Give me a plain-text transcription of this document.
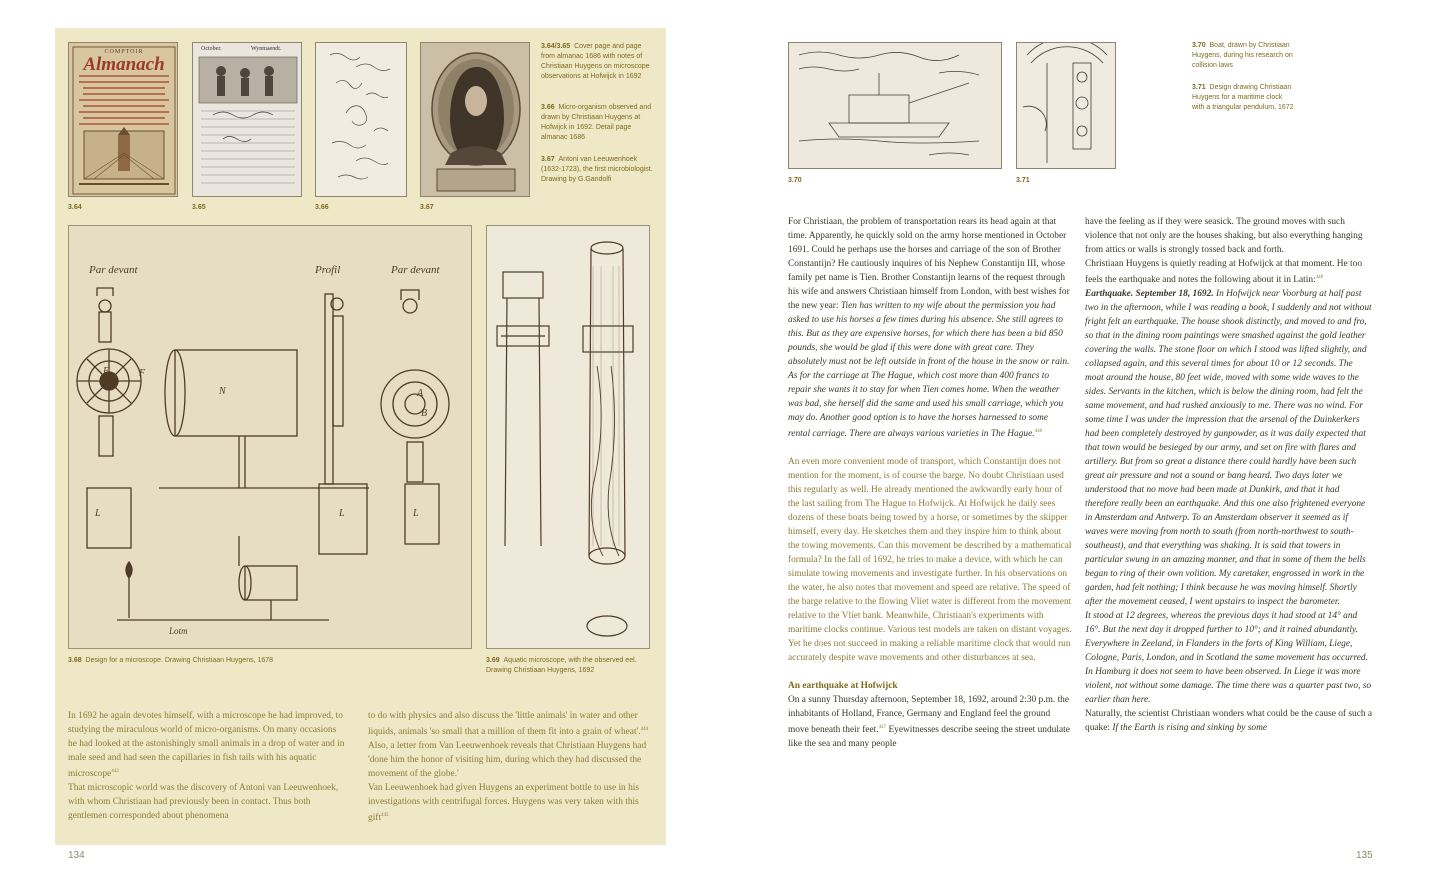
COMPTOIR
Almanach
3.64
October.	Wynmaendt.
3.65	3.66	3.67
3.64/3.65 Cover page and page from almanac 1686 with notes of Christiaan Huygens on microscope observations at Hofwijck in 1692
3.66 Micro-organism observed and drawn by Christiaan Huygens at Hofwijck in 1692. Detail page almanac 1686
3.67 Antoni van Leeuwenhoek (1632-1723), the first microbiologist. Drawing by G.Gandolfi
N
E	F
L	L	L
A
B
Par devant	Profil	Par devant
Lotm
3.68 Design for a microscope. Drawing Christiaan Huygens, 1678	3.69 Aquatic microscope, with the observed eel. Drawing Christiaan Huygens, 1692

In 1692 he again devotes himself, with a microscope he had improved, to studying the miraculous world of micro-organisms. On many occasions he had looked at the astonishingly small animals in a drop of water and in male seed and had seen the capillaries in fish tails with his aquatic microscope$^{443}$

That microscopic world was the discovery of Antoni van Leeuwenhoek, with whom Christiaan had previously been in contact. Thus both gentlemen corresponded about phenomena

to do with physics and also discuss the 'little animals' in water and other liquids, animals 'so small that a million of them fit into a grain of wheat'.$^{444}$

Also, a letter from Van Leeuwenhoek reveals that Christiaan Huygens had 'done him the honor of visiting him, during which they had discussed the movement of the globe.'

Van Leeuwenhoek had given Huygens an experiment bottle to use in his investigations with centrifugal forces. Huygens was very taken with this gift$^{445}$

134
3.70	3.71
3.70 Boat, drawn by Christiaan Huygens, during his research on collision laws
3.71 Design drawing Christiaan Huygens for a maritime clock with a triangular pendulum, 1672

For Christiaan, the problem of transportation rears its head again at that time. Apparently, he quickly sold on the army horse mentioned in October 1691. Could he perhaps use the horses and carriage of the son of Brother Constantijn? He cautiously inquires of his Nephew Constantijn III, whose family pet name is Tien. Brother Constantijn learns of the request through his wife and answers Christiaan himself from London, with best wishes for the new year: Tien has written to my wife about the permission you had asked to use his horses a few times during his absence. She still agrees to this. But as they are expensive horses, for which there has been a bid 850 pounds, she would be glad if this were done with great care. They absolutely must not be left outside in front of the house in the snow or rain. As for the carriage at The Hague, which cost more than 400 francs to repair she wants it to stay for when Tien comes home. When the weather was bad, she herself did the same and used his small carriage, which you may do. Another good option is to have the horses harnessed to some rental carriage. There are always various varieties in The Hague.$^{446}$

An even more convenient mode of transport, which Constantijn does not mention for the moment, is of course the barge. No doubt Christiaan used this regularly as well. He already mentioned the awkwardly early hour of the last sailing from The Hague to Hofwijck. At Hofwijck he daily sees dozens of these boats being towed by a horse, or sometimes by the skipper himself, every day. He sketches them and they inspire him to think about the towing movements. Can this movement be described by a mathematical formula? In the fall of 1692, he tries to make a device, with which he can simulate towing movements and investigate further. In his observations on the water, he also notes that movement and speed are relative. The speed of the barge relative to the flowing Vliet water is different from the movement relative to the Vliet bank. Meanwhile, Christiaan's experiments with maritime clocks continue. Various test models are taken on distant voyages. Yet he does not succeed in making a reliable maritime clock that would run accurately despite wave movements and other disturbances at sea.

An earthquake at Hofwijck

On a sunny Thursday afternoon, September 18, 1692, around 2:30 p.m. the inhabitants of Holland, France, Germany and England feel the ground move beneath their feet.$^{447}$ Eyewitnesses describe seeing the street undulate like the sea and many people

have the feeling as if they were seasick. The ground moves with such violence that not only are the houses shaking, but also everything hanging from attics or walls is strongly tossed back and forth.

Christiaan Huygens is quietly reading at Hofwijck at that moment. He too feels the earthquake and notes the following about it in Latin:$^{448}$

Earthquake. September 18, 1692. In Hofwijck near Voorburg at half past two in the afternoon, while I was reading a book, I suddenly and not without fright felt an earthquake. The house shook distinctly, and moved to and fro, so that in the dining room paintings were smashed against the gold leather covering the walls. The stone floor on which I stood was lifted slightly, and collapsed again, and this several times for about 10 or 12 seconds. The moat around the house, 80 feet wide, moved with some wide waves to the sides. Servants in the kitchen, which is below the dining room, had felt the same movement, and had rushed anxiously to me. There was no wind. For some time I was under the impression that the arsenal of the Duinkerkers had been completely destroyed by gunpowder, as it was daily expected that that town would be besieged by our army, and set on fire with flares and artillery. But from so great a distance there could hardly have been such great air pressure and not a sound or bang heard. Two days later we understood that no move had been made at Dunkirk, and that it had therefore really been an earthquake. And this one also frightened everyone in Amsterdam and Antwerp. To an Amsterdam observer it seemed as if waves were moving from north to south (from north-northwest to south-southeast), and that everything was shaking. It is said that towers in particular swung in an amazing manner, and that in some of them the bells began to ring of their own volition. My caretaker, engrossed in work in the garden, had felt nothing; I think because he was moving himself. Shortly after the movement ceased, I went upstairs to inspect the barometer.

It stood at 12 degrees, whereas the previous days it had stood at 14° and 16°. But the next day it dropped further to 10°; and it rained abundantly. Everywhere in Zeeland, in Flanders in the forts of King William, Liege, Cologne, Paris, London, and in Scotland the same movement has occurred. In Hamburg it does not seem to have been observed. In Liege it was more violent, not without some damage. The time there was a quarter past two, so earlier than here.

Naturally, the scientist Christiaan wonders what could be the cause of such a quake: If the Earth is rising and sinking by some

135
